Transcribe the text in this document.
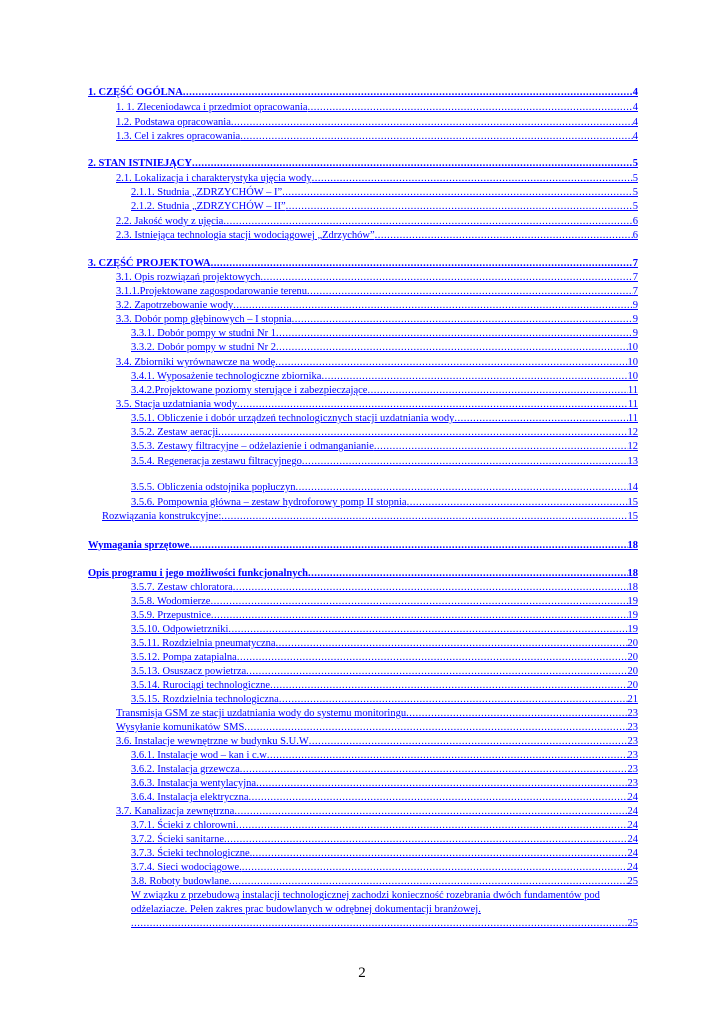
1. CZĘŚĆ OGÓLNA .....	4
1. 1. Zleceniodawca i przedmiot opracowania .....	4
1.2. Podstawa opracowania .....	4
1.3. Cel i zakres opracowania .....	4
2. STAN ISTNIEJĄCY .....	5
2.1. Lokalizacja i charakterystyka ujęcia wody .....	5
2.1.1. Studnia „ZDRZYCHÓW – I” .....	5
2.1.2. Studnia „ZDRZYCHÓW – II” .....	5
2.2. Jakość wody z ujęcia .....	6
2.3. Istniejąca technologia stacji wodociągowej „Zdrzychów” .....	6
3. CZĘŚĆ PROJEKTOWA .....	7
3.1. Opis rozwiązań projektowych .....	7
3.1.1.Projektowane zagospodarowanie terenu .....	7
3.2. Zapotrzebowanie wody .....	9
3.3. Dobór pomp głębinowych – I stopnia .....	9
3.3.1. Dobór pompy w studni Nr 1 .....	9
3.3.2. Dobór pompy w studni Nr 2 .....	10
3.4. Zbiorniki wyrównawcze na wodę .....	10
3.4.1. Wyposażenie technologiczne zbiornika .....	10
3.4.2.Projektowane poziomy sterujące i zabezpieczające .....	11
3.5. Stacja uzdatniania wody .....	11
3.5.1. Obliczenie i dobór urządzeń technologicznych stacji uzdatniania wody .....	11
3.5.2. Zestaw aeracji .....	12
3.5.3. Zestawy filtracyjne – odżelazienie i odmanganianie .....	12
3.5.4. Regeneracja zestawu filtracyjnego .....	13
3.5.5. Obliczenia odstojnika popłuczyn .....	14
3.5.6. Pompownia główna – zestaw hydroforowy pomp II stopnia .....	15
Rozwiązania konstrukcyjne: .....	15
Wymagania sprzętowe .....	18
Opis programu i jego możliwości funkcjonalnych .....	18
3.5.7. Zestaw chloratora .....	18
3.5.8. Wodomierze .....	19
3.5.9. Przepustnice .....	19
3.5.10. Odpowietrzniki .....	19
3.5.11. Rozdzielnia pneumatyczna .....	20
3.5.12. Pompa zatapialna .....	20
3.5.13. Osuszacz powietrza .....	20
3.5.14. Rurociągi technologiczne .....	20
3.5.15. Rozdzielnia technologiczna .....	21
Transmisja GSM ze stacji uzdatniania wody do systemu monitoringu .....	23
Wysyłanie komunikatów SMS .....	23
3.6. Instalacje wewnętrzne w budynku S.U.W .....	23
3.6.1. Instalacje wod – kan i c.w .....	23
3.6.2. Instalacja grzewcza .....	23
3.6.3. Instalacja wentylacyjna .....	23
3.6.4. Instalacja elektryczna .....	24
3.7. Kanalizacja zewnętrzna .....	24
3.7.1. Ścieki z chlorowni .....	24
3.7.2. Ścieki sanitarne .....	24
3.7.3. Ścieki technologiczne. .....	24
3.7.4. Sieci wodociągowe. .....	24
3.8. Roboty budowlane .....	25
W związku z przebudową instalacji technologicznej zachodzi konieczność rozebrania dwóch fundamentów pod odżelaziacze. Pełen zakres prac budowlanych w odrębnej dokumentacji branżowej.
.....
25
2
